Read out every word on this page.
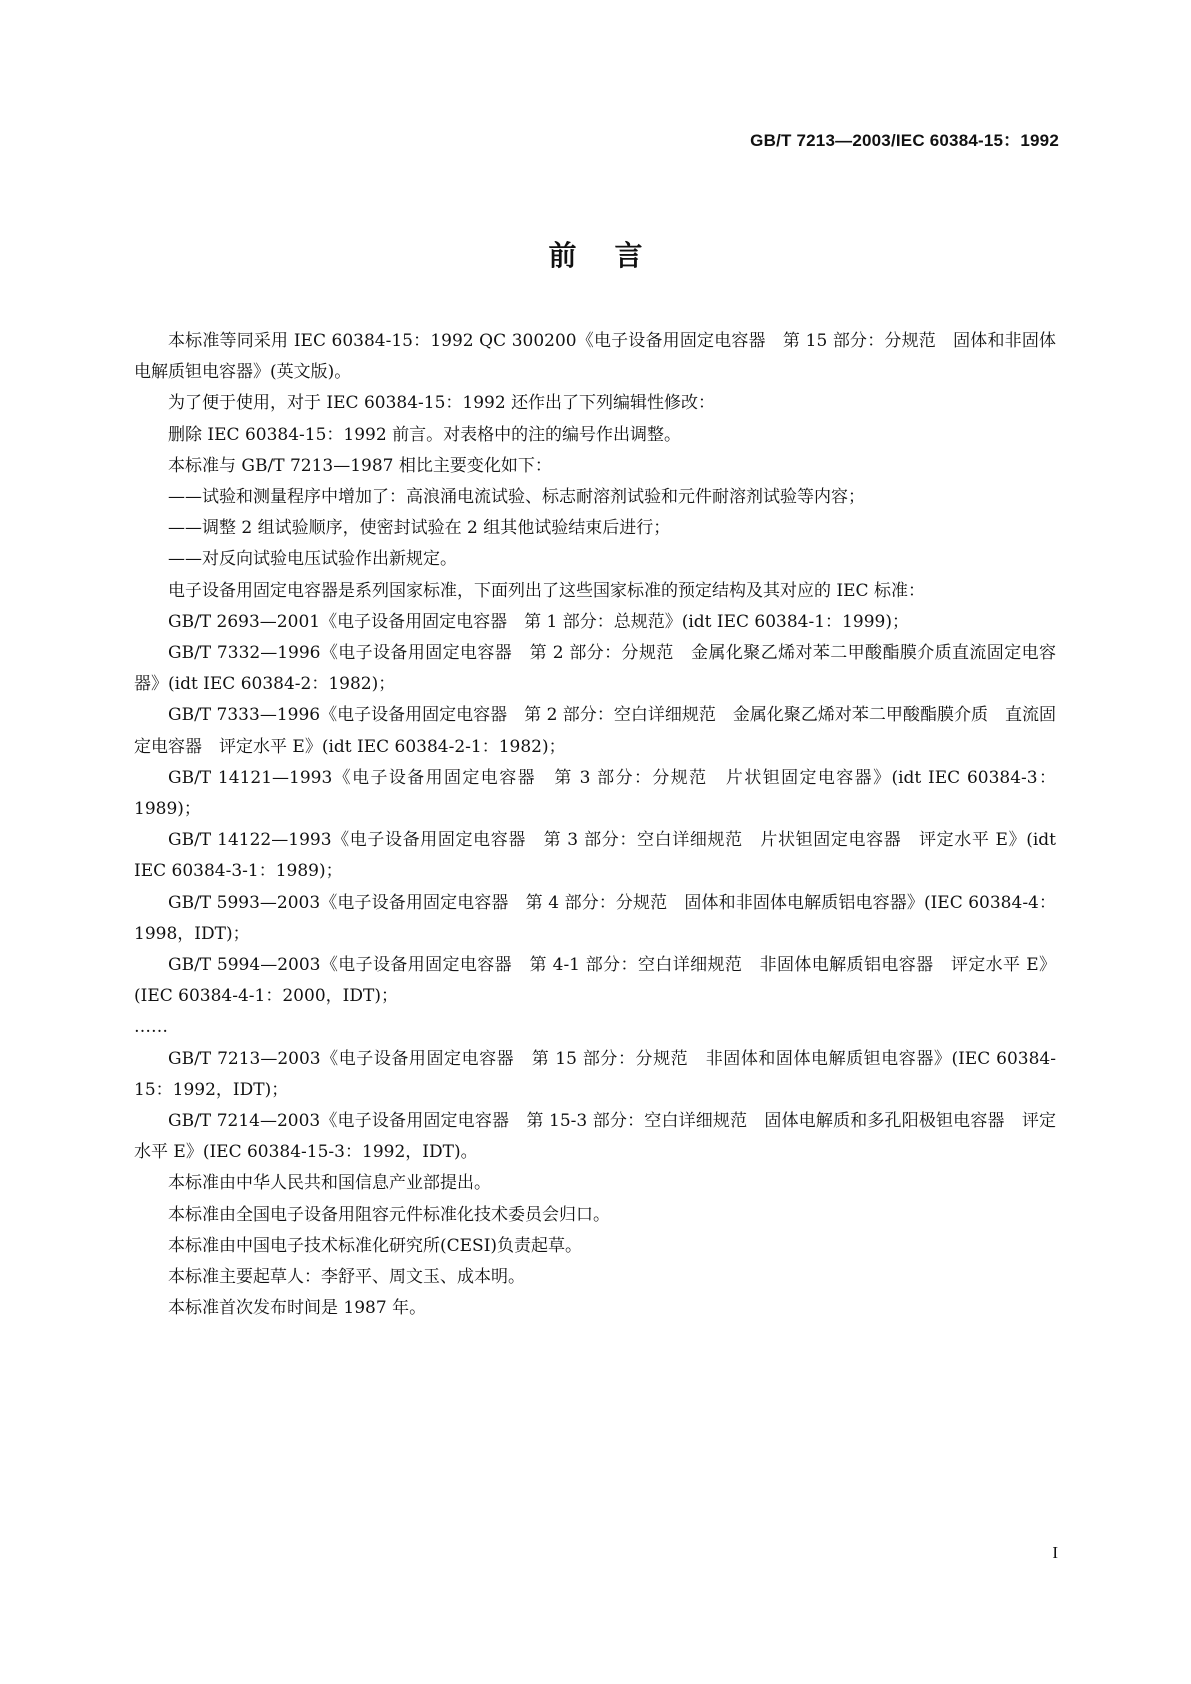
GB/T 7213—2003/IEC 60384-15：1992
前言

本标准等同采用 IEC 60384-15：1992 QC 300200《电子设备用固定电容器　第 15 部分：分规范　固体和非固体电解质钽电容器》(英文版)。

为了便于使用，对于 IEC 60384-15：1992 还作出了下列编辑性修改：

删除 IEC 60384-15：1992 前言。对表格中的注的编号作出调整。

本标准与 GB/T 7213—1987 相比主要变化如下：

——试验和测量程序中增加了：高浪涌电流试验、标志耐溶剂试验和元件耐溶剂试验等内容；

——调整 2 组试验顺序，使密封试验在 2 组其他试验结束后进行；

——对反向试验电压试验作出新规定。

电子设备用固定电容器是系列国家标准，下面列出了这些国家标准的预定结构及其对应的 IEC 标准：

GB/T 2693—2001《电子设备用固定电容器　第 1 部分：总规范》(idt IEC 60384-1：1999)；

GB/T 7332—1996《电子设备用固定电容器　第 2 部分：分规范　金属化聚乙烯对苯二甲酸酯膜介质直流固定电容器》(idt IEC 60384-2：1982)；

GB/T 7333—1996《电子设备用固定电容器　第 2 部分：空白详细规范　金属化聚乙烯对苯二甲酸酯膜介质　直流固定电容器　评定水平 E》(idt IEC 60384-2-1：1982)；

GB/T 14121—1993《电子设备用固定电容器　第 3 部分：分规范　片状钽固定电容器》(idt IEC 60384-3：1989)；

GB/T 14122—1993《电子设备用固定电容器　第 3 部分：空白详细规范　片状钽固定电容器　评定水平 E》(idt IEC 60384-3-1：1989)；

GB/T 5993—2003《电子设备用固定电容器　第 4 部分：分规范　固体和非固体电解质铝电容器》(IEC 60384-4：1998，IDT)；

GB/T 5994—2003《电子设备用固定电容器　第 4-1 部分：空白详细规范　非固体电解质铝电容器　评定水平 E》(IEC 60384-4-1：2000，IDT)；

……

GB/T 7213—2003《电子设备用固定电容器　第 15 部分：分规范　非固体和固体电解质钽电容器》(IEC 60384-15：1992，IDT)；

GB/T 7214—2003《电子设备用固定电容器　第 15-3 部分：空白详细规范　固体电解质和多孔阳极钽电容器　评定水平 E》(IEC 60384-15-3：1992，IDT)。

本标准由中华人民共和国信息产业部提出。

本标准由全国电子设备用阻容元件标准化技术委员会归口。

本标准由中国电子技术标准化研究所(CESI)负责起草。

本标准主要起草人：李舒平、周文玉、成本明。

本标准首次发布时间是 1987 年。

I
